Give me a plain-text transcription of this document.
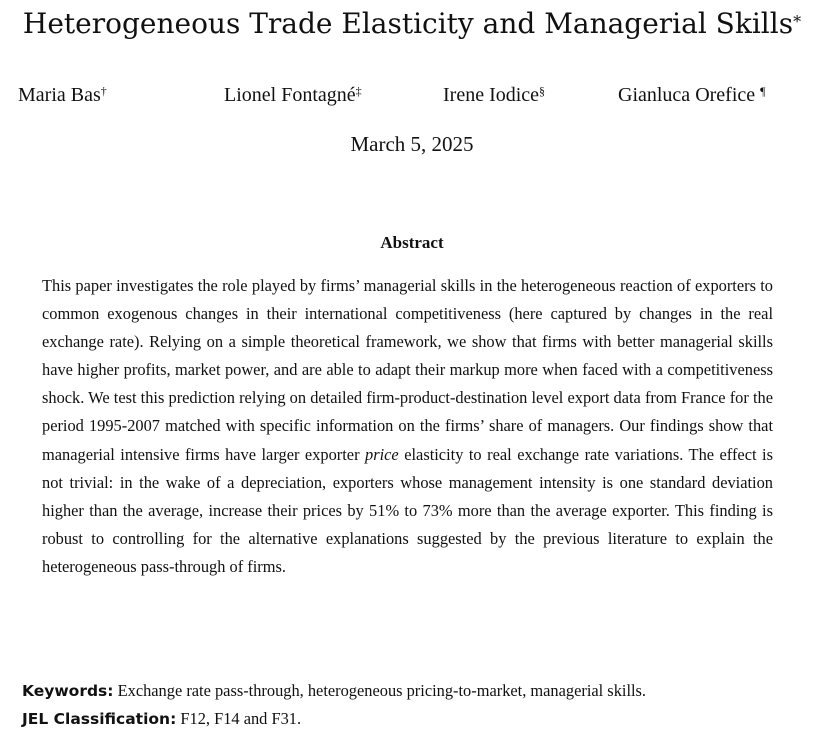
Heterogeneous Trade Elasticity and Managerial Skills*
Maria Bas†	Lionel Fontagné‡	Irene Iodice§	Gianluca Orefice ¶
March 5, 2025
Abstract
This paper investigates the role played by firms’ managerial skills in the heterogeneous reaction of exporters to common exogenous changes in their international competitiveness (here captured by changes in the real exchange rate). Relying on a simple theoretical framework, we show that firms with better managerial skills have higher profits, market power, and are able to adapt their markup more when faced with a competitiveness shock. We test this prediction relying on detailed firm-product-destination level export data from France for the period 1995-2007 matched with specific information on the firms’ share of managers. Our findings show that managerial intensive firms have larger exporter price elasticity to real exchange rate variations. The effect is not trivial: in the wake of a depreciation, exporters whose management intensity is one standard deviation higher than the average, increase their prices by 51% to 73% more than the average exporter. This finding is robust to controlling for the alternative explanations suggested by the previous literature to explain the heterogeneous pass-through of firms.
Keywords: Exchange rate pass-through, heterogeneous pricing-to-market, managerial skills.
JEL Classification: F12, F14 and F31.
